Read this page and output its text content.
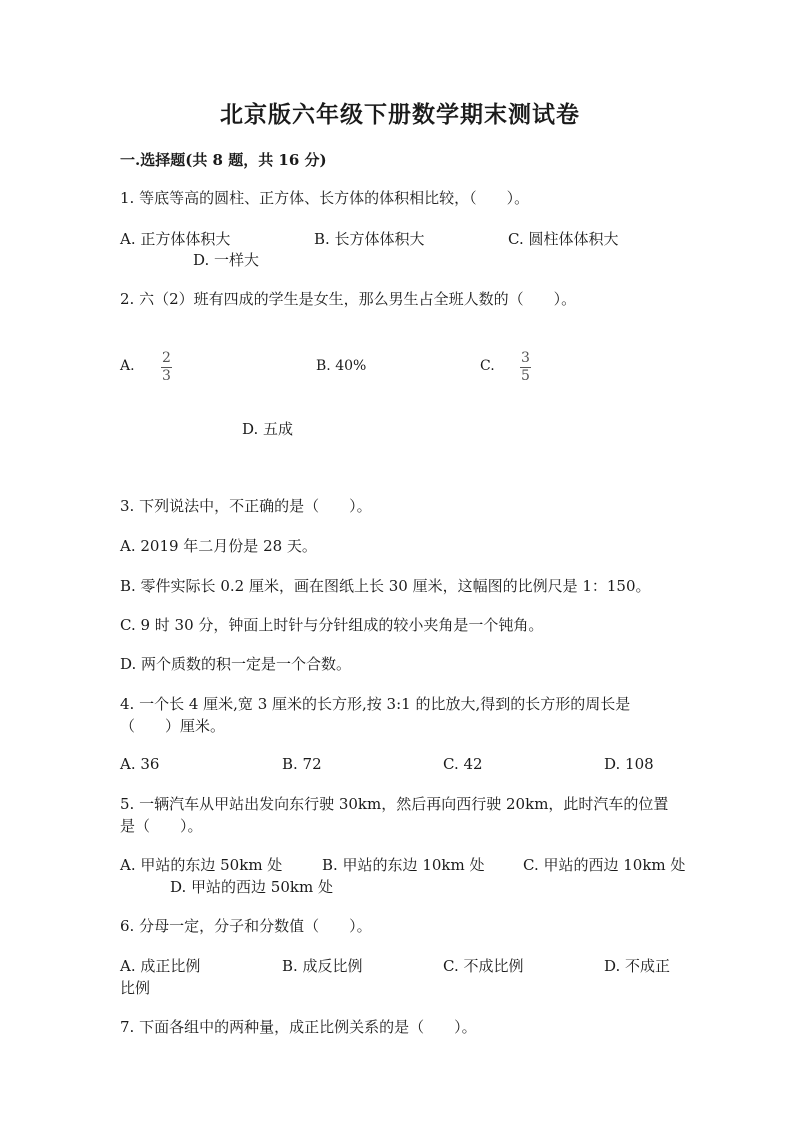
北京版六年级下册数学期末测试卷
一.选择题(共 8 题，共 16 分)
1. 等底等高的圆柱、正方体、长方体的体积相比较，（　　）。
A. 正方体体积大	B. 长方体体积大	C. 圆柱体体积大
D. 一样大
2. 六（2）班有四成的学生是女生，那么男生占全班人数的（　　）。
A. 2
3
B. 40%	C. 3
5
D. 五成
3. 下列说法中，不正确的是（　　）。
A. 2019 年二月份是 28 天。
B. 零件实际长 0.2 厘米，画在图纸上长 30 厘米，这幅图的比例尺是 1：150。
C. 9 时 30 分，钟面上时针与分针组成的较小夹角是一个钝角。
D. 两个质数的积一定是一个合数。
4. 一个长 4 厘米,宽 3 厘米的长方形,按 3:1 的比放大,得到的长方形的周长是
（　　）厘米。
A. 36	B. 72	C. 42	D. 108
5. 一辆汽车从甲站出发向东行驶 30km，然后再向西行驶 20km，此时汽车的位置
是（　　）。
A. 甲站的东边 50km 处	B. 甲站的东边 10km 处	C. 甲站的西边 10km 处
D. 甲站的西边 50km 处
6. 分母一定，分子和分数值（　　）。
A. 成正比例	B. 成反比例	C. 不成比例	D. 不成正
比例
7. 下面各组中的两种量，成正比例关系的是（　　）。
